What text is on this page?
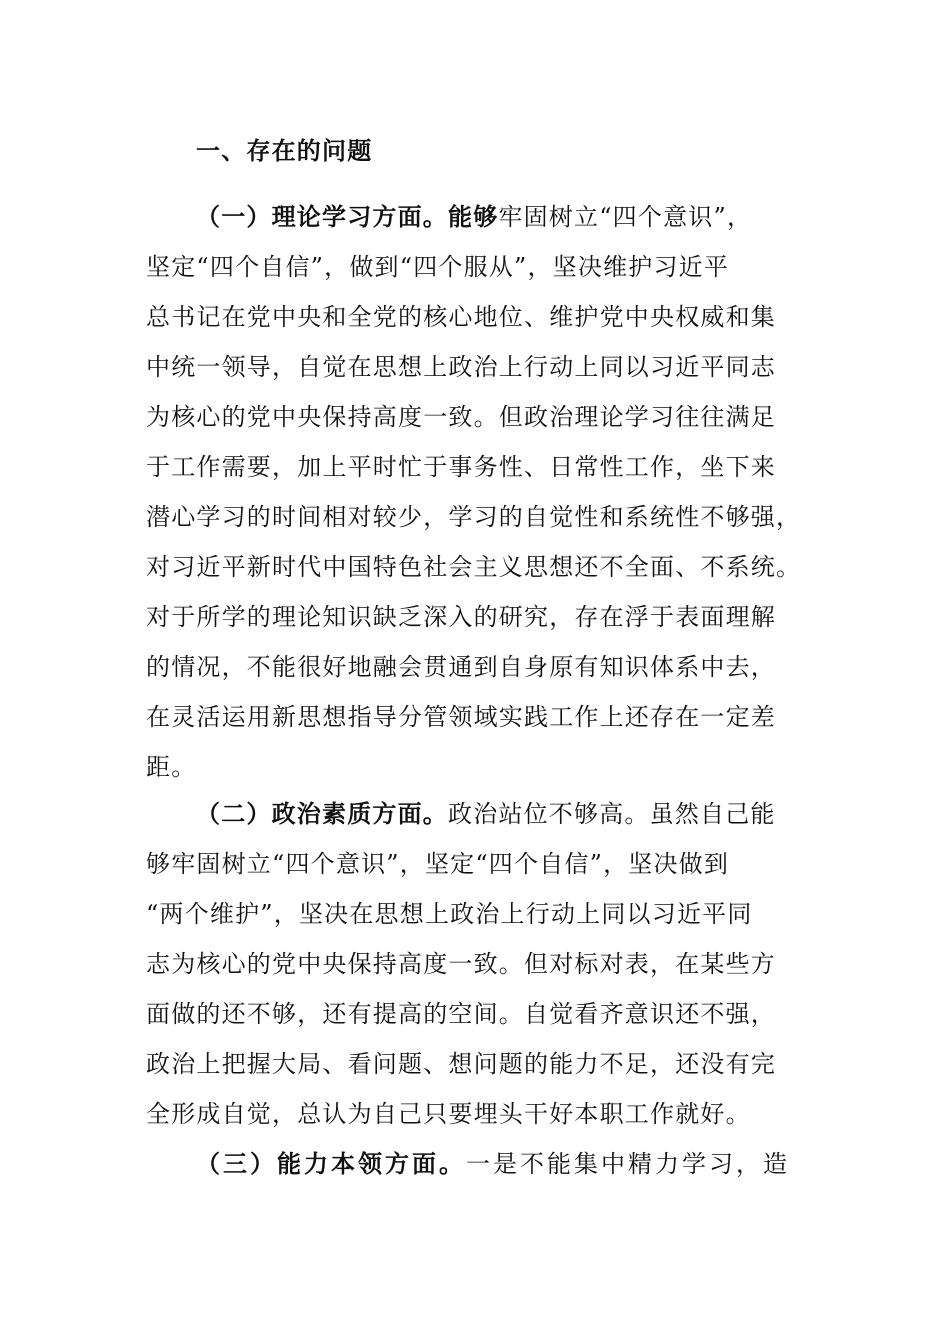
一、存在的问题
（一）理论学习方面。能够牢固树立“四个意识”，
坚定“四个自信”，做到“四个服从”，坚决维护习近平
总书记在党中央和全党的核心地位、维护党中央权威和集
中统一领导，自觉在思想上政治上行动上同以习近平同志
为核心的党中央保持高度一致。但政治理论学习往往满足
于工作需要，加上平时忙于事务性、日常性工作，坐下来
潜心学习的时间相对较少，学习的自觉性和系统性不够强，
对习近平新时代中国特色社会主义思想还不全面、不系统。
对于所学的理论知识缺乏深入的研究，存在浮于表面理解
的情况，不能很好地融会贯通到自身原有知识体系中去，
在灵活运用新思想指导分管领域实践工作上还存在一定差
距。
（二）政治素质方面。政治站位不够高。虽然自己能
够牢固树立“四个意识”，坚定“四个自信”，坚决做到
“两个维护”，坚决在思想上政治上行动上同以习近平同
志为核心的党中央保持高度一致。但对标对表，在某些方
面做的还不够，还有提高的空间。自觉看齐意识还不强，
政治上把握大局、看问题、想问题的能力不足，还没有完
全形成自觉，总认为自己只要埋头干好本职工作就好。
（三）能力本领方面。一是不能集中精力学习，造
